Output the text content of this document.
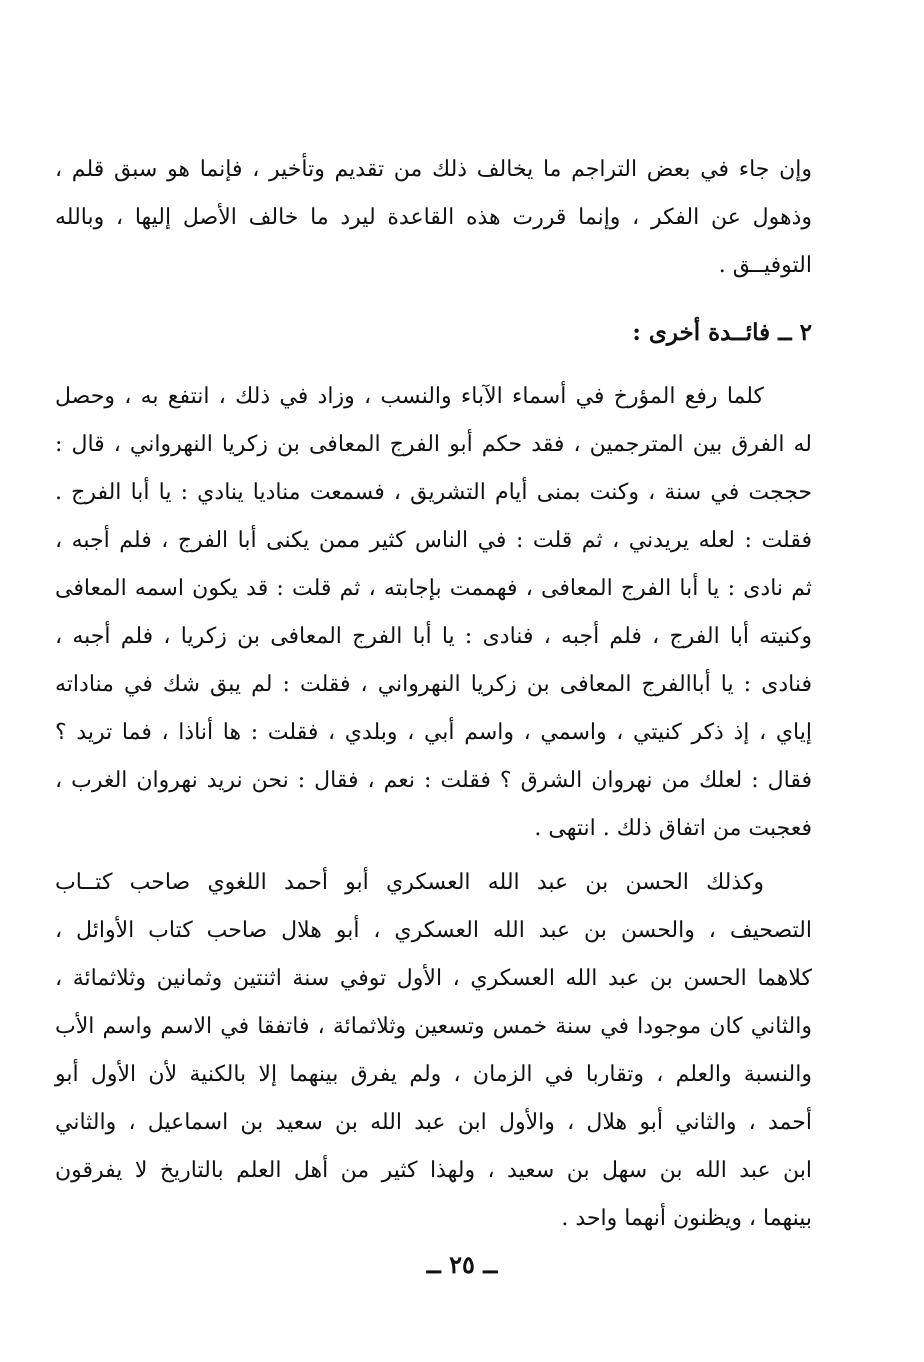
وإن جاء في بعض التراجم ما يخالف ذلك من تقديم وتأخير ، فإنما هو سبق قلم ،
وذهول عن الفكر ، وإنما قررت هذه القاعدة ليرد ما خالف الأصل إليها ، وبالله
التوفيــق .
٢ ــ فائــدة أخرى :
كلما رفع المؤرخ في أسماء الآباء والنسب ، وزاد في ذلك ، انتفع به ، وحصل
له الفرق بين المترجمين ، فقد حكم أبو الفرج المعافى بن زكريا النهرواني ، قال :
حججت في سنة ، وكنت بمنى أيام التشريق ، فسمعت مناديا ينادي : يا أبا الفرج .
فقلت : لعله يريدني ، ثم قلت : في الناس كثير ممن يكنى أبا الفرج ، فلم أجبه ،
ثم نادى : يا أبا الفرج المعافى ، فهممت بإجابته ، ثم قلت : قد يكون اسمه المعافى
وكنيته أبا الفرج ، فلم أجبه ، فنادى : يا أبا الفرج المعافى بن زكريا ، فلم أجبه ،
فنادى : يا أباالفرج المعافى بن زكريا النهرواني ، فقلت : لم يبق شك في مناداته
إياي ، إذ ذكر كنيتي ، واسمي ، واسم أبي ، وبلدي ، فقلت : ها أناذا ، فما تريد ؟
فقال : لعلك من نهروان الشرق ؟ فقلت : نعم ، فقال : نحن نريد نهروان الغرب ،
فعجبت من اتفاق ذلك . انتهى .
وكذلك الحسن بن عبد الله العسكري أبو أحمد اللغوي صاحب كتــاب
التصحيف ، والحسن بن عبد الله العسكري ، أبو هلال صاحب كتاب الأوائل ،
كلاهما الحسن بن عبد الله العسكري ، الأول توفي سنة اثنتين وثمانين وثلاثمائة ،
والثاني كان موجودا في سنة خمس وتسعين وثلاثمائة ، فاتفقا في الاسم واسم الأب
والنسبة والعلم ، وتقاربا في الزمان ، ولم يفرق بينهما إلا بالكنية لأن الأول أبو
أحمد ، والثاني أبو هلال ، والأول ابن عبد الله بن سعيد بن اسماعيل ، والثاني
ابن عبد الله بن سهل بن سعيد ، ولهذا كثير من أهل العلم بالتاريخ لا يفرقون
بينهما ، ويظنون أنهما واحد .
ــ ٢٥ ــ
